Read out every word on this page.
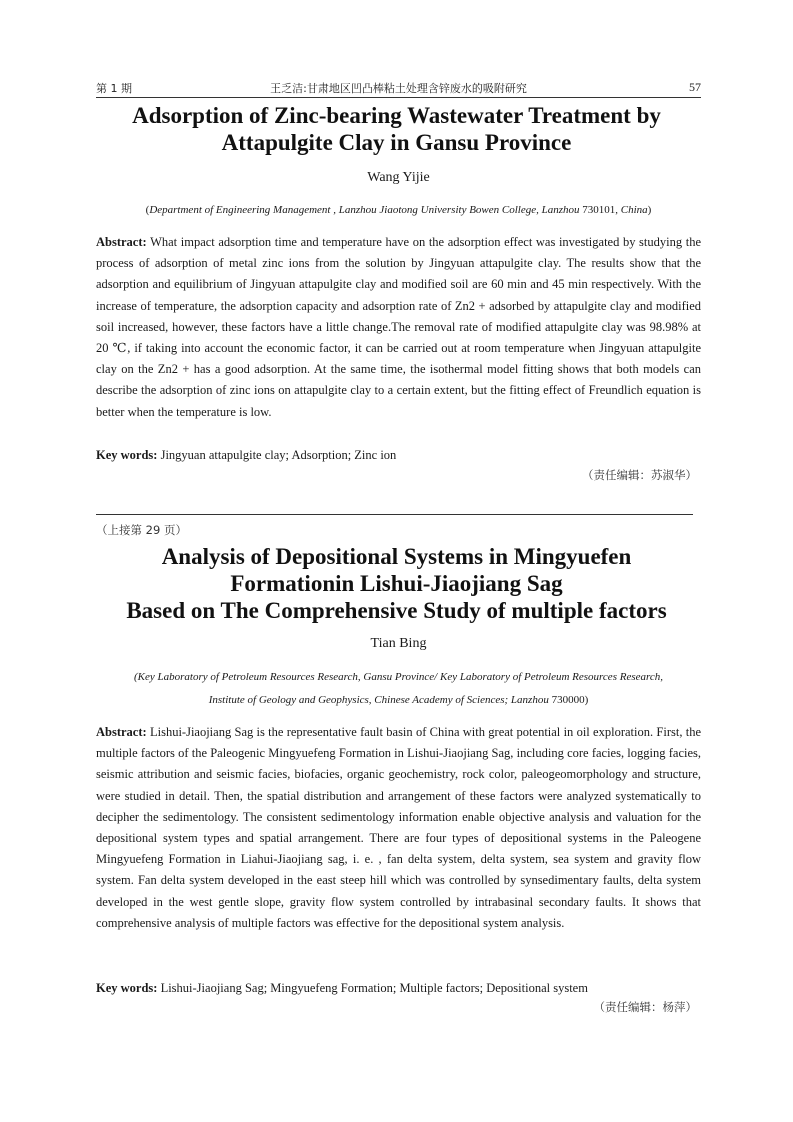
第 1 期	王乏洁:甘肃地区凹凸棒粘土处理含锌废水的吸附研究	57
Adsorption of Zinc-bearing Wastewater Treatment by
Attapulgite Clay in Gansu Province
Wang Yijie
(Department of Engineering Management , Lanzhou Jiaotong University Bowen College, Lanzhou 730101, China)
Abstract: What impact adsorption time and temperature have on the adsorption effect was investigated by studying the process of adsorption of metal zinc ions from the solution by Jingyuan attapulgite clay. The results show that the adsorption and equilibrium of Jingyuan attapulgite clay and modified soil are 60 min and 45 min respectively. With the increase of temperature, the adsorption capacity and adsorption rate of Zn2 + adsorbed by attapulgite clay and modified soil increased, however, these factors have a little change.The removal rate of modified attapulgite clay was 98.98% at 20 ℃, if taking into account the economic factor, it can be carried out at room temperature when Jingyuan attapulgite clay on the Zn2 + has a good adsorption. At the same time, the isothermal model fitting shows that both models can describe the adsorption of zinc ions on attapulgite clay to a certain extent, but the fitting effect of Freundlich equation is better when the temperature is low.
Key words: Jingyuan attapulgite clay; Adsorption; Zinc ion
（责任编辑：苏淑华）
（上接第 29 页）
Analysis of Depositional Systems in Mingyuefen
Formationin Lishui-Jiaojiang Sag
Based on The Comprehensive Study of multiple factors
Tian Bing
(Key Laboratory of Petroleum Resources Research, Gansu Province/ Key Laboratory of Petroleum Resources Research,
Institute of Geology and Geophysics, Chinese Academy of Sciences; Lanzhou 730000)
Abstract: Lishui-Jiaojiang Sag is the representative fault basin of China with great potential in oil exploration. First, the multiple factors of the Paleogenic Mingyuefeng Formation in Lishui-Jiaojiang Sag, including core facies, logging facies, seismic attribution and seismic facies, biofacies, organic geochemistry, rock color, paleogeomorphology and structure, were studied in detail. Then, the spatial distribution and arrangement of these factors were analyzed systematically to decipher the sedimentology. The consistent sedimentology information enable objective analysis and valuation for the depositional system types and spatial arrangement. There are four types of depositional systems in the Paleogene Mingyuefeng Formation in Liahui-Jiaojiang sag, i. e. , fan delta system, delta system, sea system and gravity flow system. Fan delta system developed in the east steep hill which was controlled by synsedimentary faults, delta system developed in the west gentle slope, gravity flow system controlled by intrabasinal secondary faults. It shows that comprehensive analysis of multiple factors was effective for the depositional system analysis.
Key words: Lishui-Jiaojiang Sag; Mingyuefeng Formation; Multiple factors; Depositional system
（责任编辑：杨萍）
